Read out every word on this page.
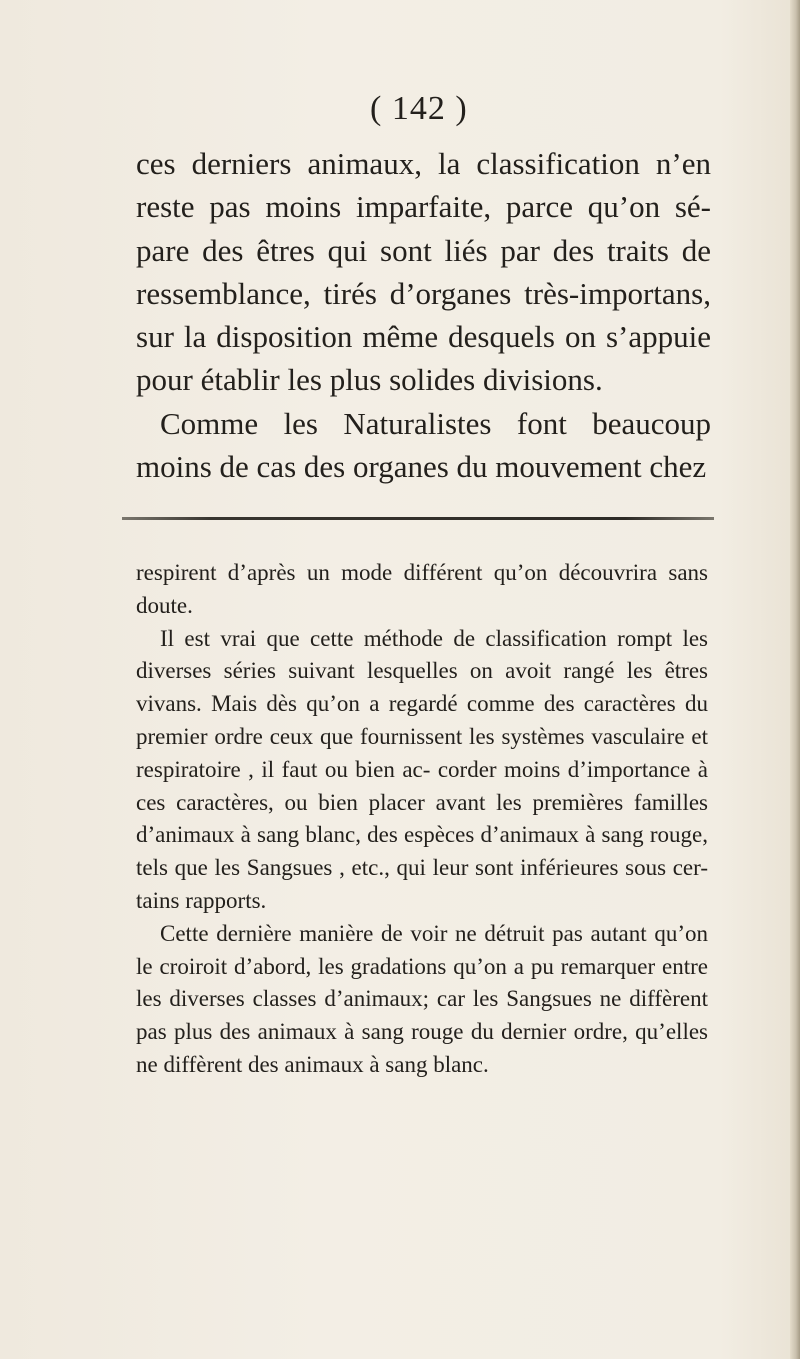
( 142 )

ces derniers animaux, la classification n’en reste pas moins imparfaite, parce qu’on sé- pare des êtres qui sont liés par des traits de ressemblance, tirés d’organes très-importans, sur la disposition même desquels on s’appuie pour établir les plus solides divisions.

Comme les Naturalistes font beaucoup moins de cas des organes du mouvement chez

respirent d’après un mode différent qu’on découvrira sans doute.

Il est vrai que cette méthode de classification rompt les diverses séries suivant lesquelles on avoit rangé les êtres vivans. Mais dès qu’on a regardé comme des caractères du premier ordre ceux que fournissent les systèmes vasculaire et respiratoire , il faut ou bien ac- corder moins d’importance à ces caractères, ou bien placer avant les premières familles d’animaux à sang blanc, des espèces d’animaux à sang rouge, tels que les Sangsues , etc., qui leur sont inférieures sous cer- tains rapports.

Cette dernière manière de voir ne détruit pas autant qu’on le croiroit d’abord, les gradations qu’on a pu remarquer entre les diverses classes d’animaux; car les Sangsues ne diffèrent pas plus des animaux à sang rouge du dernier ordre, qu’elles ne diffèrent des animaux à sang blanc.
